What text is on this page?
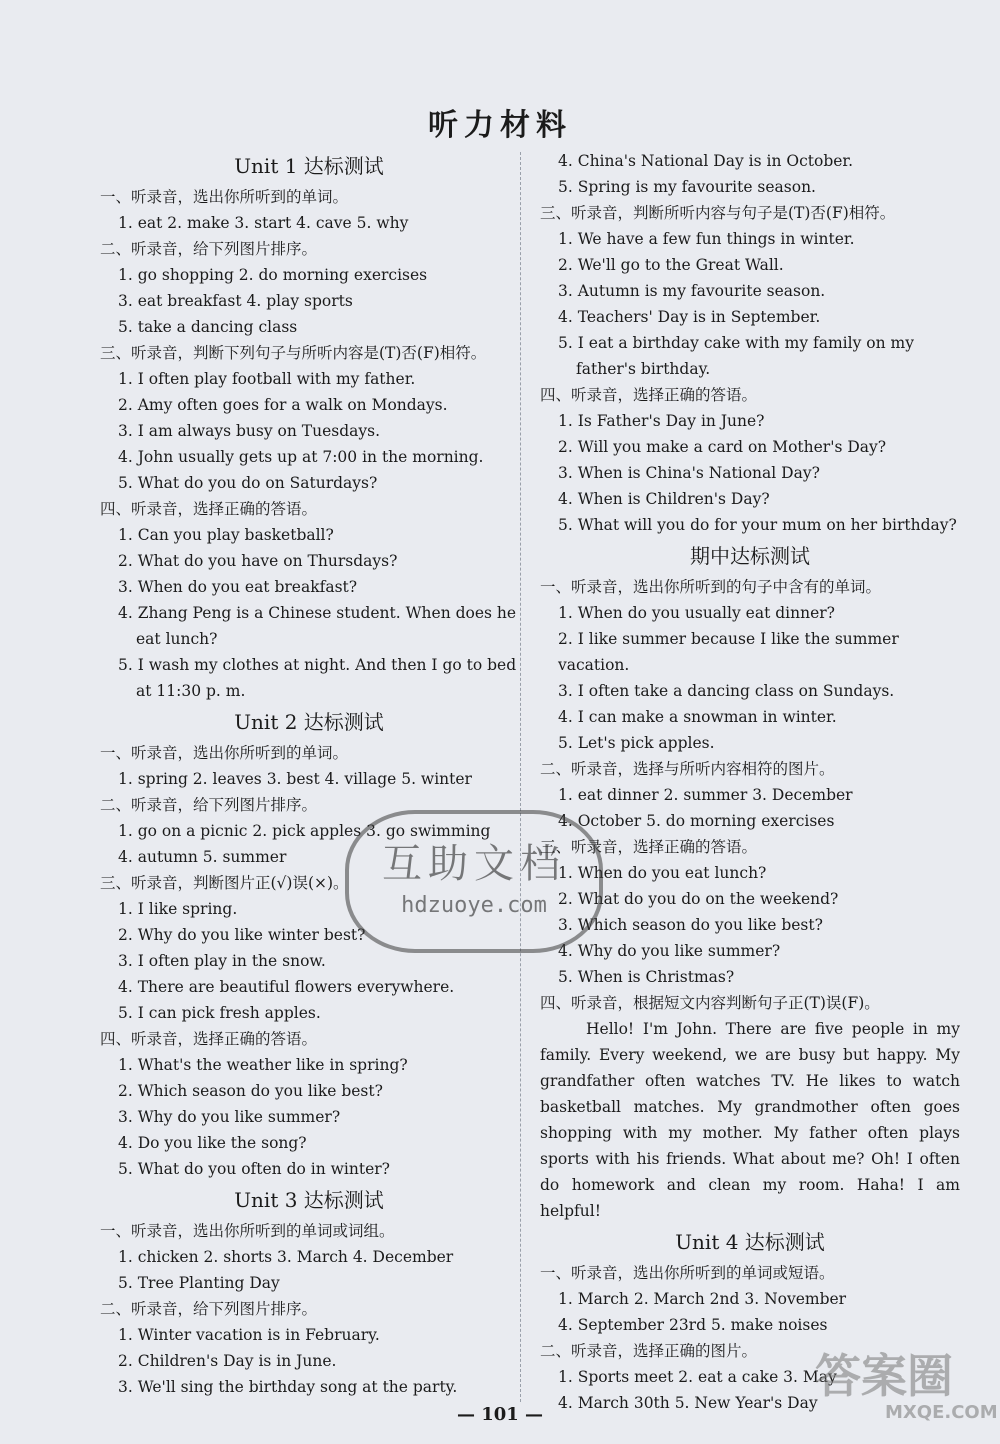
听力材料
Unit 1 达标测试
一、听录音，选出你所听到的单词。
1. eat 2. make 3. start 4. cave 5. why
二、听录音，给下列图片排序。
1. go shopping 2. do morning exercises
3. eat breakfast 4. play sports
5. take a dancing class
三、听录音，判断下列句子与所听内容是(T)否(F)相符。
1. I often play football with my father.
2. Amy often goes for a walk on Mondays.
3. I am always busy on Tuesdays.
4. John usually gets up at 7:00 in the morning.
5. What do you do on Saturdays?
四、听录音，选择正确的答语。
1. Can you play basketball?
2. What do you have on Thursdays?
3. When do you eat breakfast?
4. Zhang Peng is a Chinese student. When does he eat lunch?
5. I wash my clothes at night. And then I go to bed at 11:30 p. m.
Unit 2 达标测试
一、听录音，选出你所听到的单词。
1. spring 2. leaves 3. best 4. village 5. winter
二、听录音，给下列图片排序。
1. go on a picnic 2. pick apples 3. go swimming
4. autumn 5. summer
三、听录音，判断图片正(√)误(×)。
1. I like spring.
2. Why do you like winter best?
3. I often play in the snow.
4. There are beautiful flowers everywhere.
5. I can pick fresh apples.
四、听录音，选择正确的答语。
1. What's the weather like in spring?
2. Which season do you like best?
3. Why do you like summer?
4. Do you like the song?
5. What do you often do in winter?
Unit 3 达标测试
一、听录音，选出你所听到的单词或词组。
1. chicken 2. shorts 3. March 4. December
5. Tree Planting Day
二、听录音，给下列图片排序。
1. Winter vacation is in February.
2. Children's Day is in June.
3. We'll sing the birthday song at the party.
4. China's National Day is in October.
5. Spring is my favourite season.
三、听录音，判断所听内容与句子是(T)否(F)相符。
1. We have a few fun things in winter.
2. We'll go to the Great Wall.
3. Autumn is my favourite season.
4. Teachers' Day is in September.
5. I eat a birthday cake with my family on my father's birthday.
四、听录音，选择正确的答语。
1. Is Father's Day in June?
2. Will you make a card on Mother's Day?
3. When is China's National Day?
4. When is Children's Day?
5. What will you do for your mum on her birthday?
期中达标测试
一、听录音，选出你所听到的句子中含有的单词。
1. When do you usually eat dinner?
2. I like summer because I like the summer vacation.
3. I often take a dancing class on Sundays.
4. I can make a snowman in winter.
5. Let's pick apples.
二、听录音，选择与所听内容相符的图片。
1. eat dinner 2. summer 3. December
4. October 5. do morning exercises
三、听录音，选择正确的答语。
1. When do you eat lunch?
2. What do you do on the weekend?
3. Which season do you like best?
4. Why do you like summer?
5. When is Christmas?
四、听录音，根据短文内容判断句子正(T)误(F)。
Hello! I'm John. There are five people in my family. Every weekend, we are busy but happy. My grandfather often watches TV. He likes to watch basketball matches. My grandmother often goes shopping with my mother. My father often plays sports with his friends. What about me? Oh! I often do homework and clean my room. Haha! I am helpful!
Unit 4 达标测试
一、听录音，选出你所听到的单词或短语。
1. March 2. March 2nd 3. November
4. September 23rd 5. make noises
二、听录音，选择正确的图片。
1. Sports meet 2. eat a cake 3. May
4. March 30th 5. New Year's Day
互助文档
hdzuoye.com
答案圈
MXQE.COM
— 101 —
